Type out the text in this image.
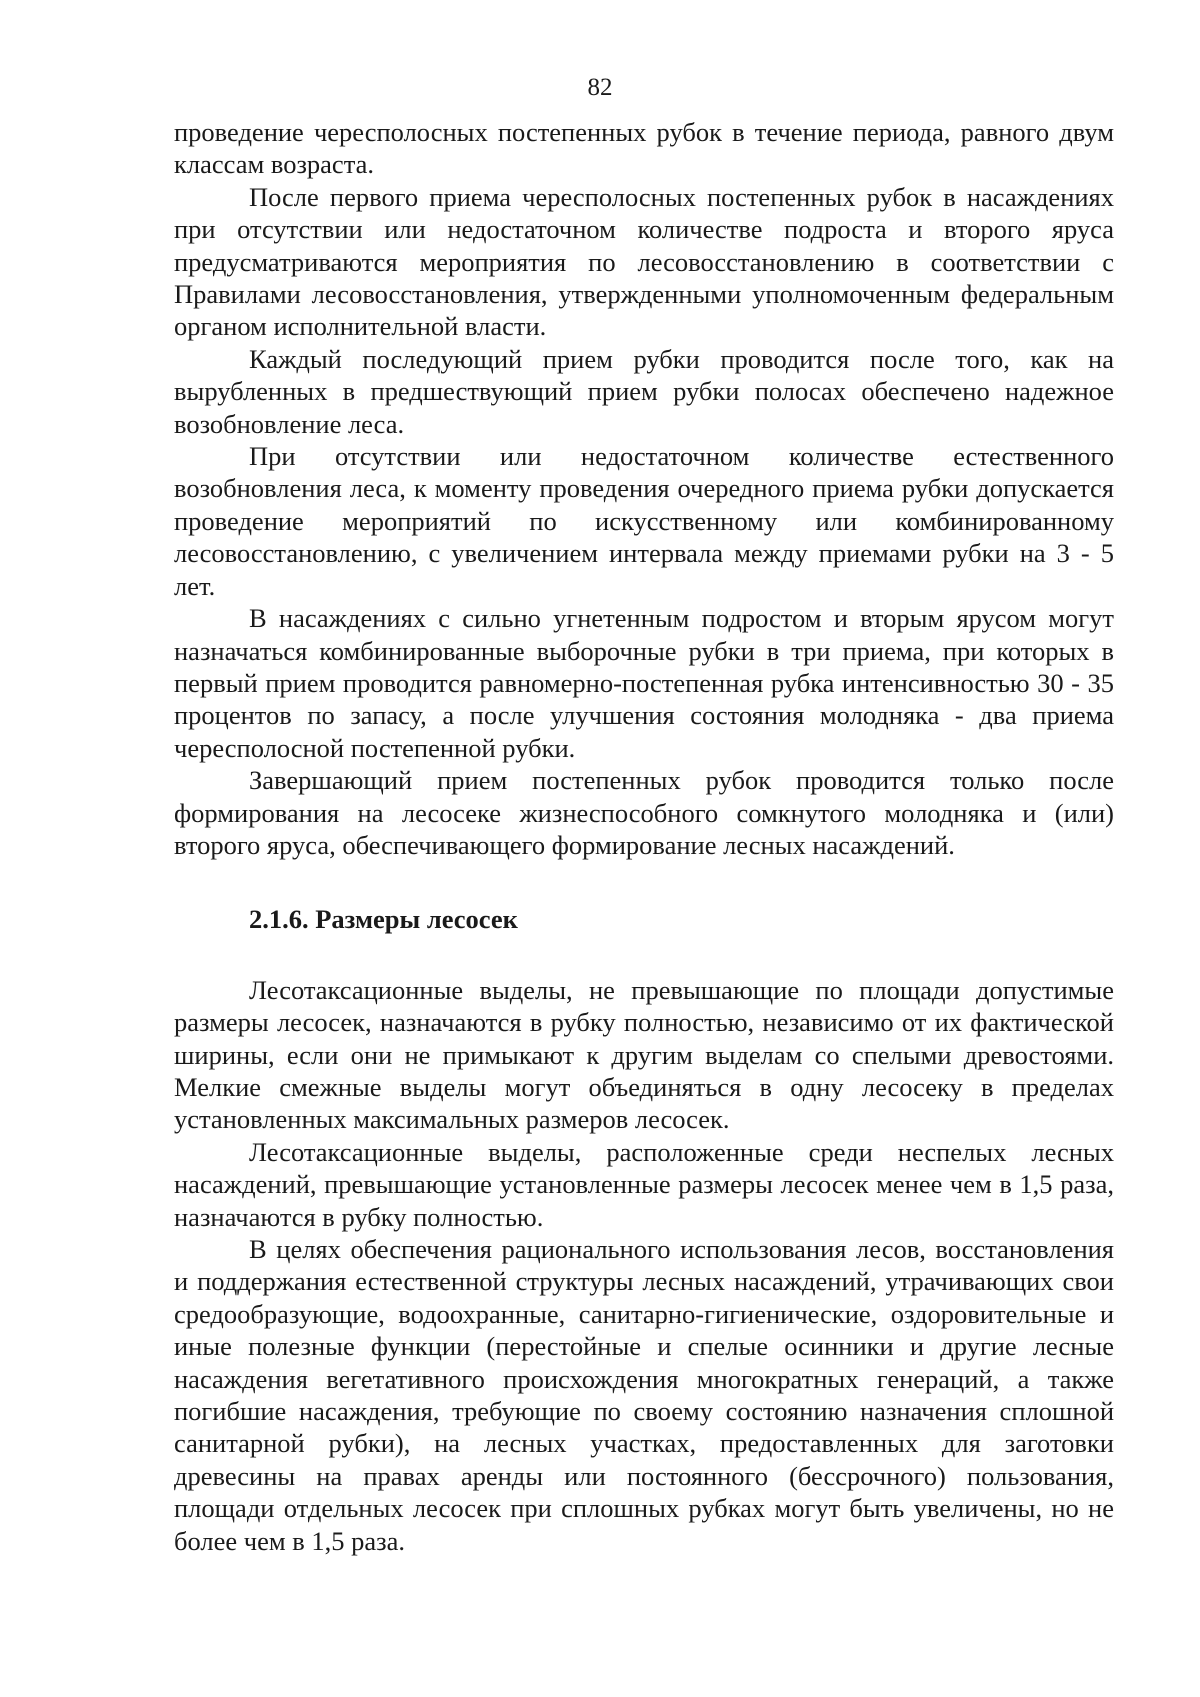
82

проведение чересполосных постепенных рубок в течение периода, равного двум классам возраста.

После первого приема чересполосных постепенных рубок в насаждениях при отсутствии или недостаточном количестве подроста и второго яруса предусматриваются мероприятия по лесовосстановлению в соответствии с Правилами лесовосстановления, утвержденными уполномоченным федеральным органом исполнительной власти.

Каждый последующий прием рубки проводится после того, как на вырубленных в предшествующий прием рубки полосах обеспечено надежное возобновление леса.

При отсутствии или недостаточном количестве естественного возобновления леса, к моменту проведения очередного приема рубки допускается проведение мероприятий по искусственному или комбинированному лесовосстановлению, с увеличением интервала между приемами рубки на 3 - 5 лет.

В насаждениях с сильно угнетенным подростом и вторым ярусом могут назначаться комбинированные выборочные рубки в три приема, при которых в первый прием проводится равномерно-постепенная рубка интенсивностью 30 - 35 процентов по запасу, а после улучшения состояния молодняка - два приема чересполосной постепенной рубки.

Завершающий прием постепенных рубок проводится только после формирования на лесосеке жизнеспособного сомкнутого молодняка и (или) второго яруса, обеспечивающего формирование лесных насаждений.

2.1.6. Размеры лесосек

Лесотаксационные выделы, не превышающие по площади допустимые размеры лесосек, назначаются в рубку полностью, независимо от их фактической ширины, если они не примыкают к другим выделам со спелыми древостоями. Мелкие смежные выделы могут объединяться в одну лесосеку в пределах установленных максимальных размеров лесосек.

Лесотаксационные выделы, расположенные среди неспелых лесных насаждений, превышающие установленные размеры лесосек менее чем в 1,5 раза, назначаются в рубку полностью.

В целях обеспечения рационального использования лесов, восстановления и поддержания естественной структуры лесных насаждений, утрачивающих свои средообразующие, водоохранные, санитарно-гигиенические, оздоровительные и иные полезные функции (перестойные и спелые осинники и другие лесные насаждения вегетативного происхождения многократных генераций, а также погибшие насаждения, требующие по своему состоянию назначения сплошной санитарной рубки), на лесных участках, предоставленных для заготовки древесины на правах аренды или постоянного (бессрочного) пользования, площади отдельных лесосек при сплошных рубках могут быть увеличены, но не более чем в 1,5 раза.
